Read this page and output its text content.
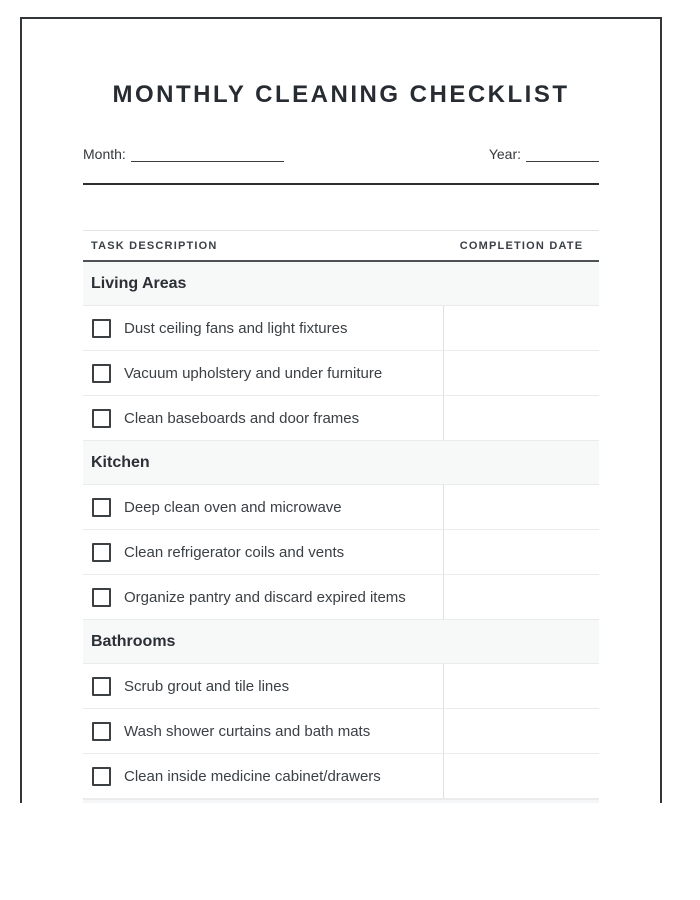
MONTHLY CLEANING CHECKLIST
Month:	Year:
TASK DESCRIPTION	COMPLETION DATE
Living Areas
Dust ceiling fans and light fixtures
Vacuum upholstery and under furniture
Clean baseboards and door frames
Kitchen
Deep clean oven and microwave
Clean refrigerator coils and vents
Organize pantry and discard expired items
Bathrooms
Scrub grout and tile lines
Wash shower curtains and bath mats
Clean inside medicine cabinet/drawers
